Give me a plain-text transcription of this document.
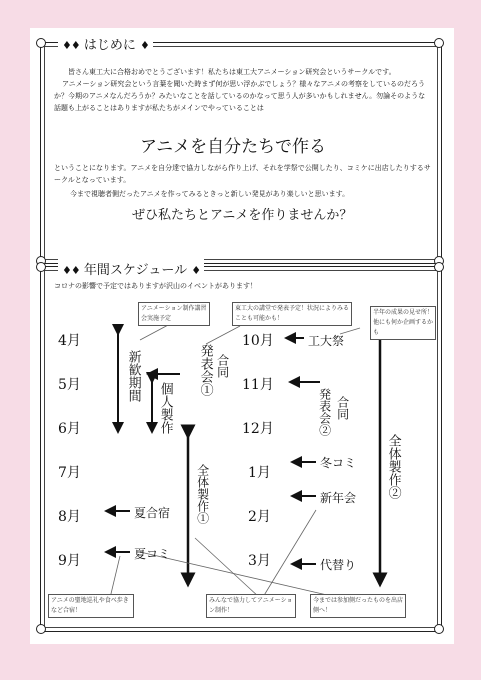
♦♦ はじめに ♦
皆さん東工大に合格おめでとうございます！私たちは東工大アニメーション研究会というサークルです。
アニメーション研究会という言葉を聞いた時まず何が思い浮かぶでしょう？様々なアニメの考察をしているのだろうか？今期のアニメなんだろうか？みたいなことを話しているのかなって思う人が多いかもしれません。勿論そのような話題も上がることはありますが私たちがメインでやっていることは
アニメを自分たちで作る
ということになります。アニメを自分達で協力しながら作り上げ、それを学祭で公開したり、コミケに出店したりするサークルとなっています。
今まで視聴者側だったアニメを作ってみるときっと新しい発見があり楽しいと思います。
ぜひ私たちとアニメを作りませんか？
♦♦ 年間スケジュール ♦
コロナの影響で予定ではありますが沢山のイベントがあります！
4月
5月
6月
7月
8月
9月
10月
11月
12月
1月
2月
3月
新歓期間
個人製作
発表会① 合同
全体製作①
発表会② 合同
全体製作②
工大祭
夏合宿
夏コミ
冬コミ
新年会
代替り
アニメーション制作講習会実施予定
東工大の講堂で発表予定！状況によりみることも可能かも！
半年の成果の見せ所！他にも何か企画するかも
アニメの聖地巡礼や食べ歩きなど合宿！
みんなで協力してアニメーション制作！
今までは参加側だったものを出店側へ！
